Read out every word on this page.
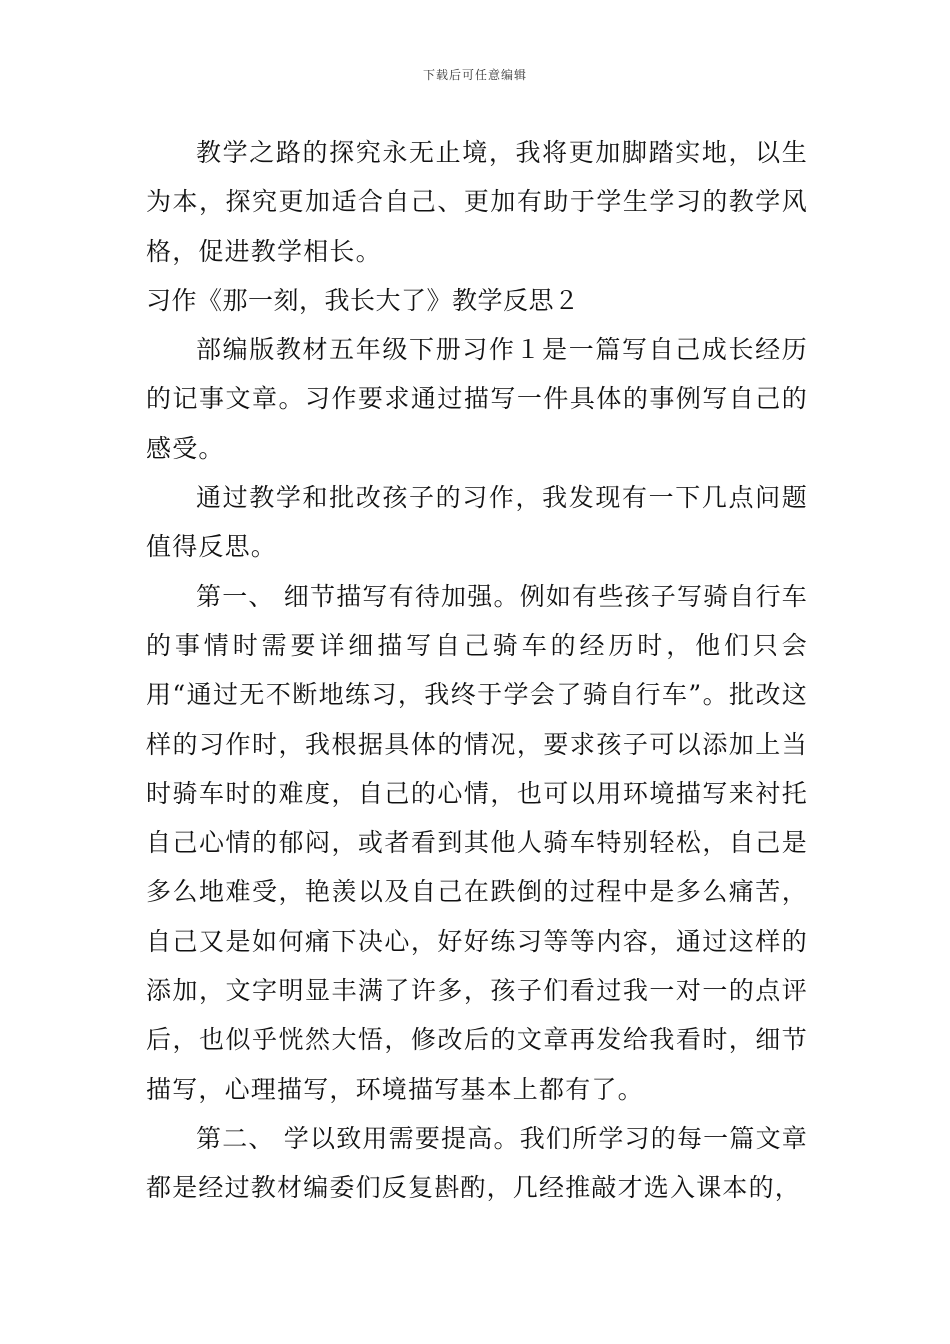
下载后可任意编辑

教学之路的探究永无止境，我将更加脚踏实地，以生为本，探究更加适合自己、更加有助于学生学习的教学风格，促进教学相长。

习作《那一刻，我长大了》教学反思２

部编版教材五年级下册习作１是一篇写自己成长经历的记事文章。习作要求通过描写一件具体的事例写自己的感受。

通过教学和批改孩子的习作，我发现有一下几点问题值得反思。

第一、 细节描写有待加强。例如有些孩子写骑自行车的事情时需要详细描写自己骑车的经历时，他们只会用“通过无不断地练习，我终于学会了骑自行车”。批改这样的习作时，我根据具体的情况，要求孩子可以添加上当时骑车时的难度，自己的心情，也可以用环境描写来衬托自己心情的郁闷，或者看到其他人骑车特别轻松，自己是多么地难受，艳羡以及自己在跌倒的过程中是多么痛苦，自己又是如何痛下决心，好好练习等等内容，通过这样的添加，文字明显丰满了许多，孩子们看过我一对一的点评后，也似乎恍然大悟，修改后的文章再发给我看时，细节描写，心理描写，环境描写基本上都有了。

第二、 学以致用需要提高。我们所学习的每一篇文章都是经过教材编委们反复斟酌，几经推敲才选入课本的，
